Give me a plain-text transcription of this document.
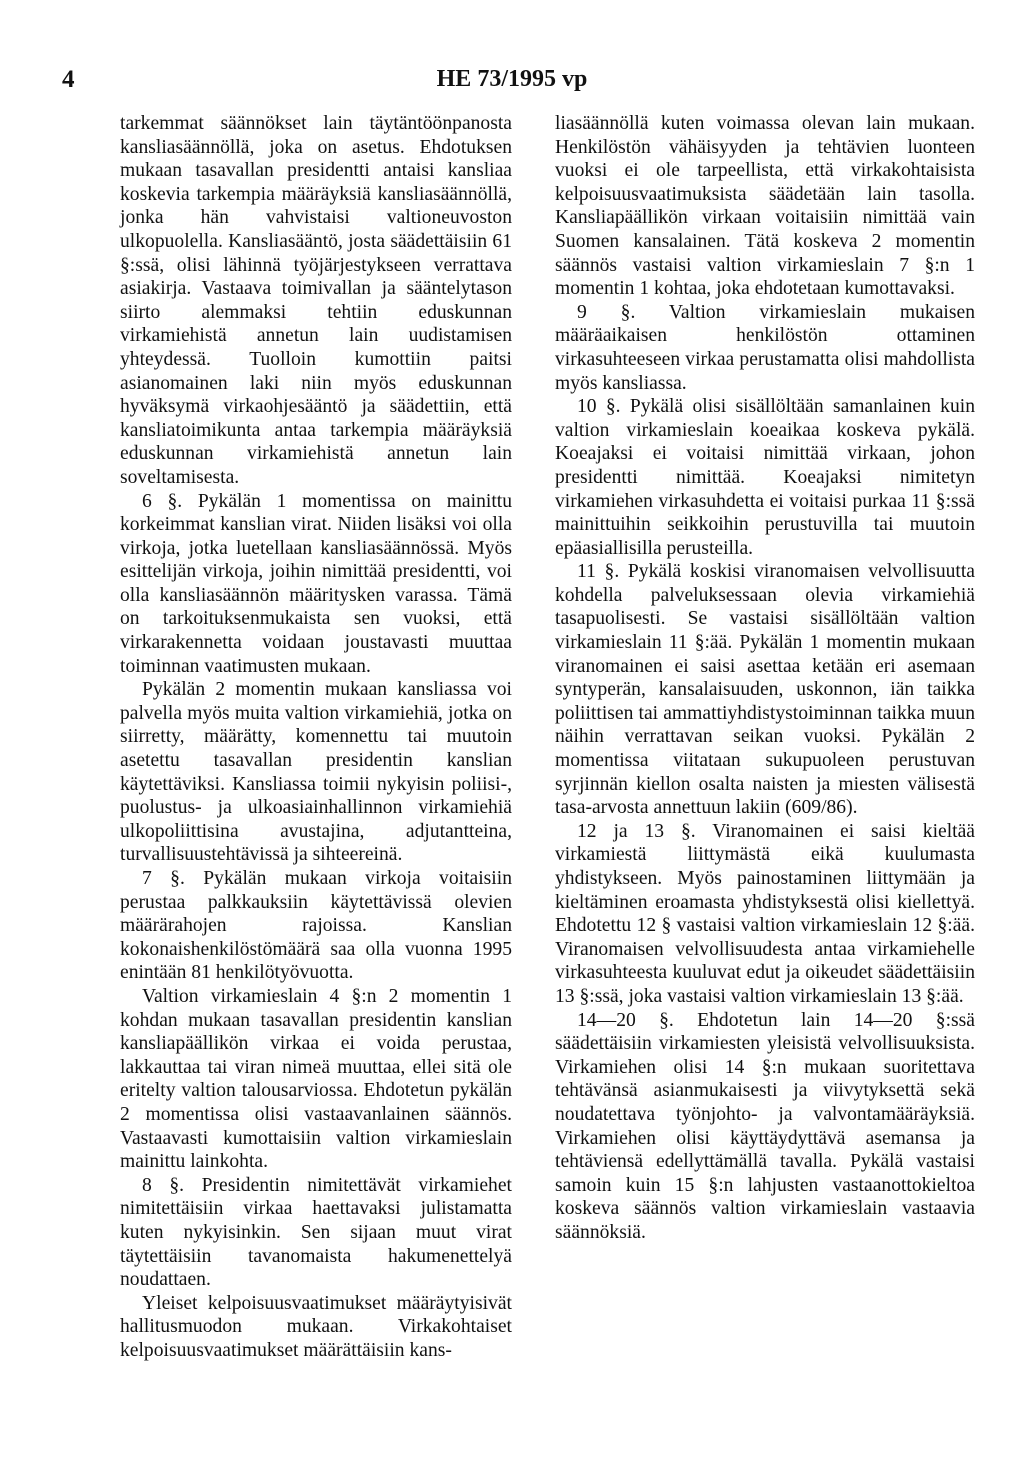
4	HE 73/1995 vp

tarkemmat säännökset lain täytäntöönpanosta kansliasäännöllä, joka on asetus. Ehdotuksen mukaan tasavallan presidentti antaisi kansliaa koskevia tarkempia määräyksiä kansliasäännöllä, jonka hän vahvistaisi valtioneuvoston ulkopuolella. Kansliasääntö, josta säädettäisiin 61 §:ssä, olisi lähinnä työjärjestykseen verrattava asiakirja. Vastaava toimivallan ja sääntelytason siirto alemmaksi tehtiin eduskunnan virkamiehistä annetun lain uudistamisen yhteydessä. Tuolloin kumottiin paitsi asianomainen laki niin myös eduskunnan hyväksymä virkaohjesääntö ja säädettiin, että kansliatoimikunta antaa tarkempia määräyksiä eduskunnan virkamiehistä annetun lain soveltamisesta.

6 §. Pykälän 1 momentissa on mainittu korkeimmat kanslian virat. Niiden lisäksi voi olla virkoja, jotka luetellaan kansliasäännössä. Myös esittelijän virkoja, joihin nimittää presidentti, voi olla kansliasäännön määritysken varassa. Tämä on tarkoituksenmukaista sen vuoksi, että virkarakennetta voidaan joustavasti muuttaa toiminnan vaatimusten mukaan.

Pykälän 2 momentin mukaan kansliassa voi palvella myös muita valtion virkamiehiä, jotka on siirretty, määrätty, komennettu tai muutoin asetettu tasavallan presidentin kanslian käytettäviksi. Kansliassa toimii nykyisin poliisi-, puolustus- ja ulkoasiainhallinnon virkamiehiä ulkopoliittisina avustajina, adjutantteina, turvallisuustehtävissä ja sihteereinä.

7 §. Pykälän mukaan virkoja voitaisiin perustaa palkkauksiin käytettävissä olevien määrärahojen rajoissa. Kanslian kokonaishenkilöstömäärä saa olla vuonna 1995 enintään 81 henkilötyövuotta.

Valtion virkamieslain 4 §:n 2 momentin 1 kohdan mukaan tasavallan presidentin kanslian kansliapäällikön virkaa ei voida perustaa, lakkauttaa tai viran nimeä muuttaa, ellei sitä ole eritelty valtion talousarviossa. Ehdotetun pykälän 2 momentissa olisi vastaavanlainen säännös. Vastaavasti kumottaisiin valtion virkamieslain mainittu lainkohta.

8 §. Presidentin nimitettävät virkamiehet nimitettäisiin virkaa haettavaksi julistamatta kuten nykyisinkin. Sen sijaan muut virat täytettäisiin tavanomaista hakumenettelyä noudattaen.

Yleiset kelpoisuusvaatimukset määräytyisivät hallitusmuodon mukaan. Virkakohtaiset kelpoisuusvaatimukset määrättäisiin kans-

liasäännöllä kuten voimassa olevan lain mukaan. Henkilöstön vähäisyyden ja tehtävien luonteen vuoksi ei ole tarpeellista, että virkakohtaisista kelpoisuusvaatimuksista säädetään lain tasolla. Kansliapäällikön virkaan voitaisiin nimittää vain Suomen kansalainen. Tätä koskeva 2 momentin säännös vastaisi valtion virkamieslain 7 §:n 1 momentin 1 kohtaa, joka ehdotetaan kumottavaksi.

9 §. Valtion virkamieslain mukaisen määräaikaisen henkilöstön ottaminen virkasuhteeseen virkaa perustamatta olisi mahdollista myös kansliassa.

10 §. Pykälä olisi sisällöltään samanlainen kuin valtion virkamieslain koeaikaa koskeva pykälä. Koeajaksi ei voitaisi nimittää virkaan, johon presidentti nimittää. Koeajaksi nimitetyn virkamiehen virkasuhdetta ei voitaisi purkaa 11 §:ssä mainittuihin seikkoihin perustuvilla tai muutoin epäasiallisilla perusteilla.

11 §. Pykälä koskisi viranomaisen velvollisuutta kohdella palveluksessaan olevia virkamiehiä tasapuolisesti. Se vastaisi sisällöltään valtion virkamieslain 11 §:ää. Pykälän 1 momentin mukaan viranomainen ei saisi asettaa ketään eri asemaan syntyperän, kansalaisuuden, uskonnon, iän taikka poliittisen tai ammattiyhdistystoiminnan taikka muun näihin verrattavan seikan vuoksi. Pykälän 2 momentissa viitataan sukupuoleen perustuvan syrjinnän kiellon osalta naisten ja miesten välisestä tasa-arvosta annettuun lakiin (609/86).

12 ja 13 §. Viranomainen ei saisi kieltää virkamiestä liittymästä eikä kuulumasta yhdistykseen. Myös painostaminen liittymään ja kieltäminen eroamasta yhdistyksestä olisi kiellettyä. Ehdotettu 12 § vastaisi valtion virkamieslain 12 §:ää. Viranomaisen velvollisuudesta antaa virkamiehelle virkasuhteesta kuuluvat edut ja oikeudet säädettäisiin 13 §:ssä, joka vastaisi valtion virkamieslain 13 §:ää.

14—20 §. Ehdotetun lain 14—20 §:ssä säädettäisiin virkamiesten yleisistä velvollisuuksista. Virkamiehen olisi 14 §:n mukaan suoritettava tehtävänsä asianmukaisesti ja viivytyksettä sekä noudatettava työnjohto- ja valvontamääräyksiä. Virkamiehen olisi käyttäydyttävä asemansa ja tehtäviensä edellyttämällä tavalla. Pykälä vastaisi samoin kuin 15 §:n lahjusten vastaanottokieltoa koskeva säännös valtion virkamieslain vastaavia säännöksiä.
